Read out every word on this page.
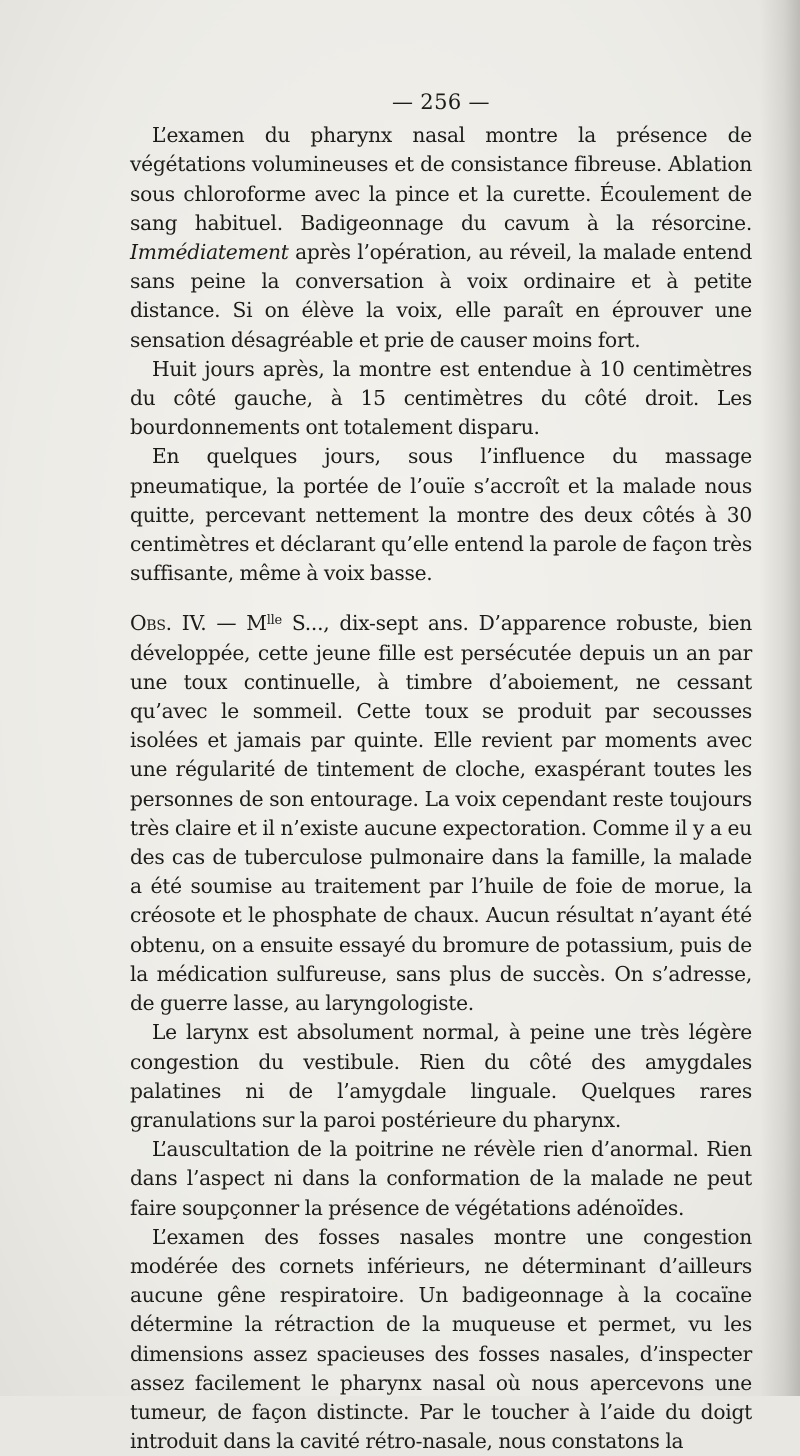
— 256 —

L’examen du pharynx nasal montre la présence de végétations volumineuses et de consistance fibreuse. Ablation sous chloroforme avec la pince et la curette. Écoulement de sang habituel. Badigeonnage du cavum à la résorcine. Immédiatement après l’opération, au réveil, la malade entend sans peine la conversation à voix ordinaire et à petite distance. Si on élève la voix, elle paraît en éprouver une sensation désagréable et prie de causer moins fort.

Huit jours après, la montre est entendue à 10 centimètres du côté gauche, à 15 centimètres du côté droit. Les bourdonnements ont totalement disparu.

En quelques jours, sous l’influence du massage pneumatique, la portée de l’ouïe s’accroît et la malade nous quitte, percevant nettement la montre des deux côtés à 30 centimètres et déclarant qu’elle entend la parole de façon très suffisante, même à voix basse.

Obs. IV. — $M^{lle}$ S..., dix-sept ans. D’apparence robuste, bien développée, cette jeune fille est persécutée depuis un an par une toux continuelle, à timbre d’aboiement, ne cessant qu’avec le sommeil. Cette toux se produit par secousses isolées et jamais par quinte. Elle revient par moments avec une régularité de tintement de cloche, exaspérant toutes les personnes de son entourage. La voix cependant reste toujours très claire et il n’existe aucune expectoration. Comme il y a eu des cas de tuberculose pulmonaire dans la famille, la malade a été soumise au traitement par l’huile de foie de morue, la créosote et le phosphate de chaux. Aucun résultat n’ayant été obtenu, on a ensuite essayé du bromure de potassium, puis de la médication sulfureuse, sans plus de succès. On s’adresse, de guerre lasse, au laryngologiste.

Le larynx est absolument normal, à peine une très légère congestion du vestibule. Rien du côté des amygdales palatines ni de l’amygdale linguale. Quelques rares granulations sur la paroi postérieure du pharynx.

L’auscultation de la poitrine ne révèle rien d’anormal. Rien dans l’aspect ni dans la conformation de la malade ne peut faire soupçonner la présence de végétations adénoïdes.

L’examen des fosses nasales montre une congestion modérée des cornets inférieurs, ne déterminant d’ailleurs aucune gêne respiratoire. Un badigeonnage à la cocaïne détermine la rétraction de la muqueuse et permet, vu les dimensions assez spacieuses des fosses nasales, d’inspecter assez facilement le pharynx nasal où nous apercevons une tumeur, de façon distincte. Par le toucher à l’aide du doigt introduit dans la cavité rétro-nasale, nous constatons la
